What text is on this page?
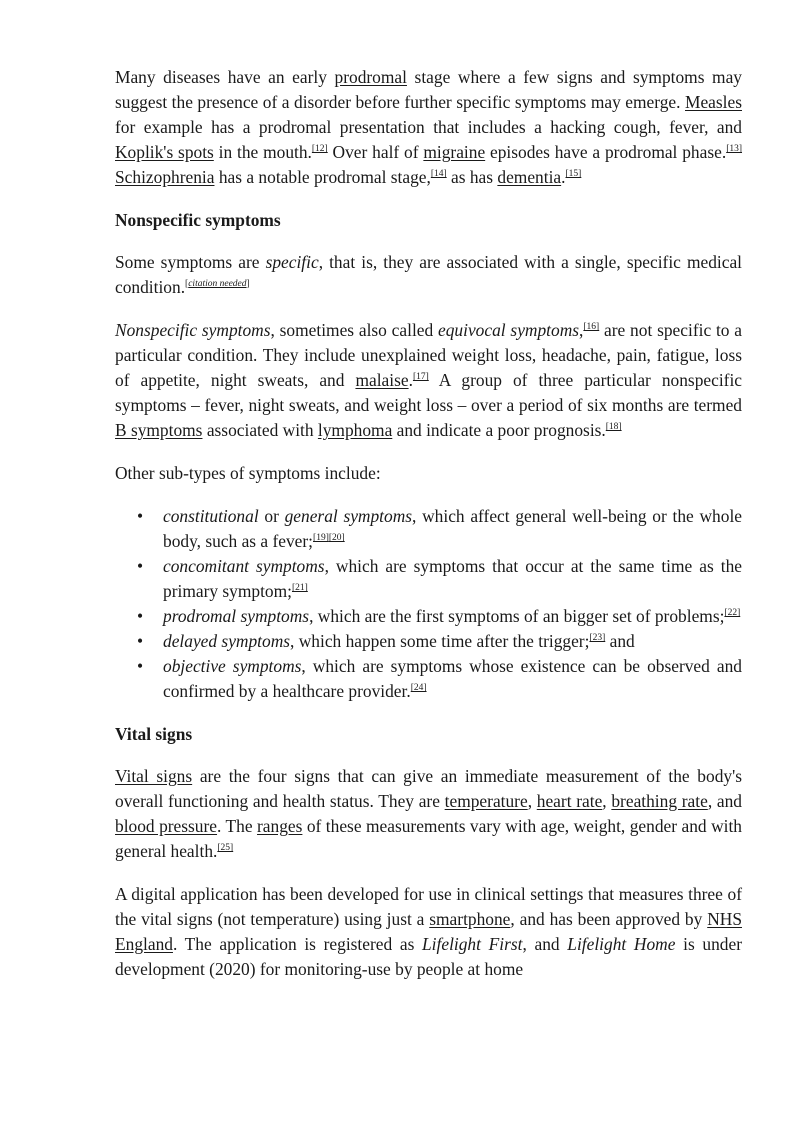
Many diseases have an early prodromal stage where a few signs and symptoms may suggest the presence of a disorder before further specific symptoms may emerge. Measles for example has a prodromal presentation that includes a hacking cough, fever, and Koplik's spots in the mouth.[12] Over half of migraine episodes have a prodromal phase.[13] Schizophrenia has a notable prodromal stage,[14] as has dementia.[15]

Nonspecific symptoms

Some symptoms are specific, that is, they are associated with a single, specific medical condition.[citation needed]

Nonspecific symptoms, sometimes also called equivocal symptoms,[16] are not specific to a particular condition. They include unexplained weight loss, headache, pain, fatigue, loss of appetite, night sweats, and malaise.[17] A group of three particular nonspecific symptoms – fever, night sweats, and weight loss – over a period of six months are termed B symptoms associated with lymphoma and indicate a poor prognosis.[18]

Other sub-types of symptoms include:

• constitutional or general symptoms, which affect general well-being or the whole body, such as a fever;[19][20]
• concomitant symptoms, which are symptoms that occur at the same time as the primary symptom;[21]
• prodromal symptoms, which are the first symptoms of an bigger set of problems;[22]
• delayed symptoms, which happen some time after the trigger;[23] and
• objective symptoms, which are symptoms whose existence can be observed and confirmed by a healthcare provider.[24]
Vital signs

Vital signs are the four signs that can give an immediate measurement of the body's overall functioning and health status. They are temperature, heart rate, breathing rate, and blood pressure. The ranges of these measurements vary with age, weight, gender and with general health.[25]

A digital application has been developed for use in clinical settings that measures three of the vital signs (not temperature) using just a smartphone, and has been approved by NHS England. The application is registered as Lifelight First, and Lifelight Home is under development (2020) for monitoring-use by people at home
